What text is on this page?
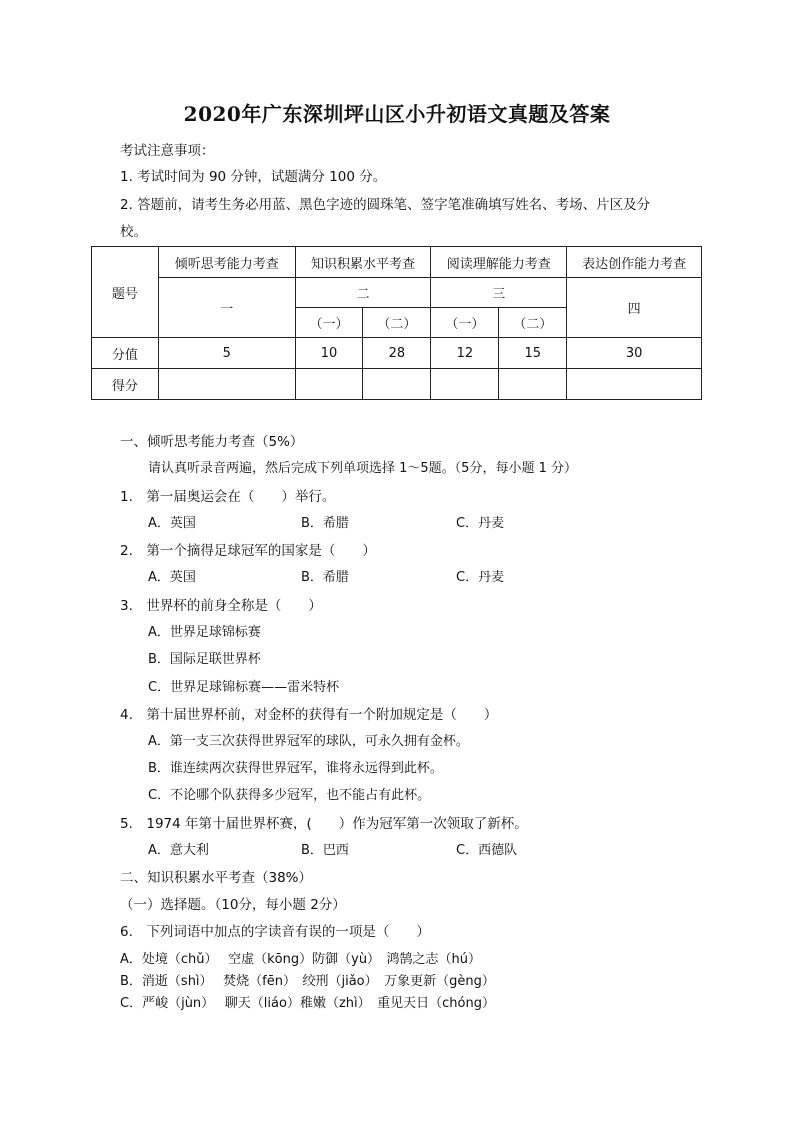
2020年广东深圳坪山区小升初语文真题及答案
考试注意事项：
1. 考试时间为 90 分钟，试题满分 100 分。
2. 答题前，请考生务必用蓝、黑色字迹的圆珠笔、签字笔准确填写姓名、考场、片区及分
校。
题号	倾听思考能力考查	知识积累水平考查		阅读理解能力考查		表达创作能力考查
	一	二		三		四
		（一）	（二）	（一）	（二）	
分值	5	10	28	12	15	30
得分						
一、倾听思考能力考查（5%）
请认真听录音两遍，然后完成下列单项选择 1～5题。（5分，每小题 1 分）
1.　第一届奥运会在（　　）举行。
A．英国	B．希腊	C．丹麦
2.　第一个摘得足球冠军的国家是（　　）
A．英国	B．希腊	C．丹麦
3.　世界杯的前身全称是（　　）
A．世界足球锦标赛
B．国际足联世界杯
C．世界足球锦标赛——雷米特杯
4.　第十届世界杯前，对金杯的获得有一个附加规定是（　　）
A．第一支三次获得世界冠军的球队，可永久拥有金杯。
B．谁连续两次获得世界冠军，谁将永远得到此杯。
C．不论哪个队获得多少冠军，也不能占有此杯。
5.　1974 年第十届世界杯赛，(　　）作为冠军第一次领取了新杯。
A．意大利	B．巴西	C．西德队
二、知识积累水平考查（38%）
（一）选择题。（10分，每小题 2分）
6.　下列词语中加点的字读音有误的一项是（　　）
A．处境（chǔ）　 空虚（kōng）防御（yù）　鸿鹄之志（hú）
B．消逝（shì）　 焚烧（fēn）　绞刑（jiǎo）　万象更新（gèng）
C．严峻（jùn）　 聊天（liáo）稚嫩（zhì）　重见天日（chóng）
